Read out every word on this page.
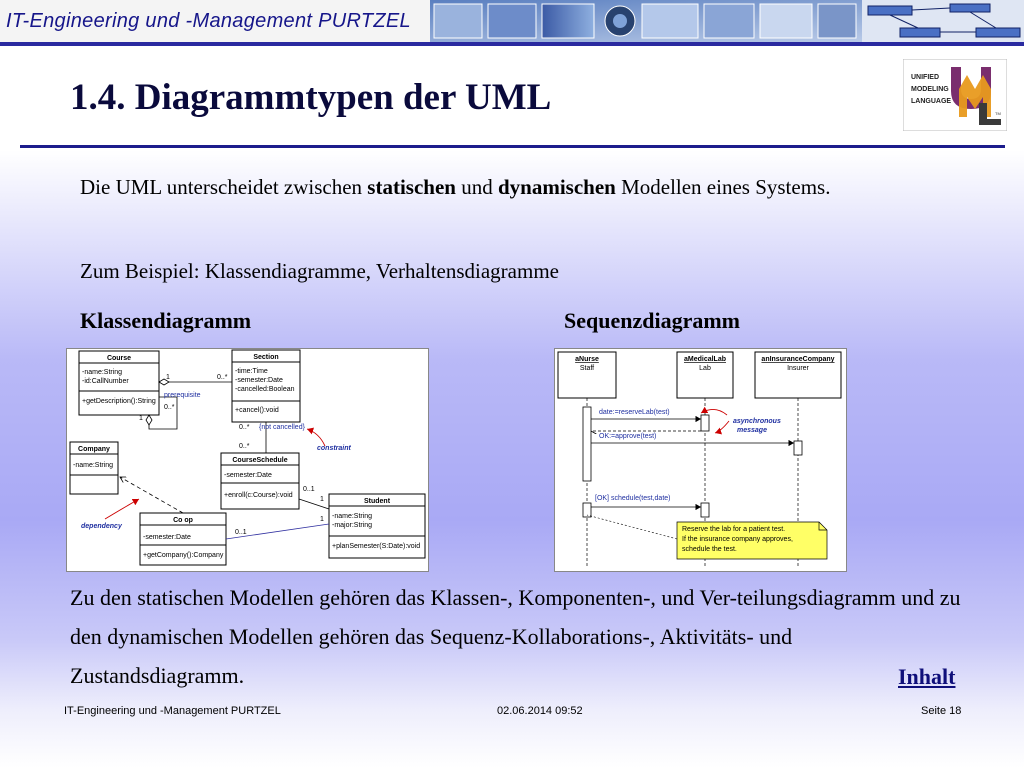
IT-Engineering und -Management PURTZEL
1.4. Diagrammtypen der UML	UNIFIED
MODELING
LANGUAGE
TM

Die UML unterscheidet zwischen statischen und dynamischen Modellen eines Systems.

Zum Beispiel: Klassendiagramme, Verhaltensdiagramme

Klassendiagramm	Sequenzdiagramm
Course
-name:String
-id:CallNumber
+getDescription():String
Section
-time:Time
-semester:Date
-cancelled:Boolean
+cancel():void
Company
-name:String
CourseSchedule
-semester:Date
+enroll(c:Course):void
Student
-name:String
-major:String
+planSemester(S:Date):void
Co op
-semester:Date
+getCompany():Company
1	0..*
prerequisite
0..*
1
0..* {not cancelled}
0..*	constraint
0..1
1
1
0..1
dependency
aNurse
Staff
aMedicalLab
Lab
anInsuranceCompany
Insurer
date:=reserveLab(test)
OK:=approve(test)
[OK] schedule(test,date)
asynchronous
message
Reserve the lab for a patient test.
If the insurance company approves,
schedule the test.

Zu den statischen Modellen gehören das Klassen-, Komponenten-, und Ver-teilungsdiagramm und zu den dynamischen Modellen gehören das Sequenz-Kollaborations-, Aktivitäts- und Zustandsdiagramm.	Inhalt
IT-Engineering und -Management PURTZEL	02.06.2014 09:52	Seite 18
